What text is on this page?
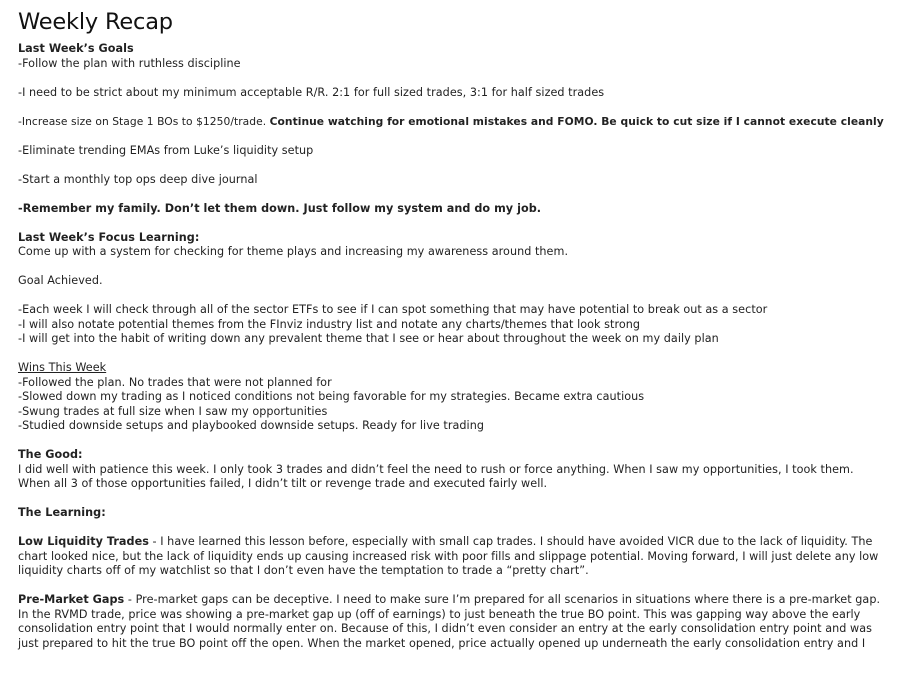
Weekly Recap
Last Week’s Goals
-Follow the plan with ruthless discipline
-I need to be strict about my minimum acceptable R/R. 2:1 for full sized trades, 3:1 for half sized trades
-Increase size on Stage 1 BOs to $1250/trade. Continue watching for emotional mistakes and FOMO. Be quick to cut size if I cannot execute cleanly
-Eliminate trending EMAs from Luke’s liquidity setup
-Start a monthly top ops deep dive journal
-Remember my family. Don’t let them down. Just follow my system and do my job.
Last Week’s Focus Learning:
Come up with a system for checking for theme plays and increasing my awareness around them.
Goal Achieved.
-Each week I will check through all of the sector ETFs to see if I can spot something that may have potential to break out as a sector
-I will also notate potential themes from the FInviz industry list and notate any charts/themes that look strong
-I will get into the habit of writing down any prevalent theme that I see or hear about throughout the week on my daily plan
Wins This Week
-Followed the plan. No trades that were not planned for
-Slowed down my trading as I noticed conditions not being favorable for my strategies. Became extra cautious
-Swung trades at full size when I saw my opportunities
-Studied downside setups and playbooked downside setups. Ready for live trading
The Good:
I did well with patience this week. I only took 3 trades and didn’t feel the need to rush or force anything. When I saw my opportunities, I took them.
When all 3 of those opportunities failed, I didn’t tilt or revenge trade and executed fairly well.
The Learning:
Low Liquidity Trades - I have learned this lesson before, especially with small cap trades. I should have avoided VICR due to the lack of liquidity. The
chart looked nice, but the lack of liquidity ends up causing increased risk with poor fills and slippage potential. Moving forward, I will just delete any low
liquidity charts off of my watchlist so that I don’t even have the temptation to trade a “pretty chart”.
Pre-Market Gaps - Pre-market gaps can be deceptive. I need to make sure I’m prepared for all scenarios in situations where there is a pre-market gap.
In the RVMD trade, price was showing a pre-market gap up (off of earnings) to just beneath the true BO point. This was gapping way above the early
consolidation entry point that I would normally enter on. Because of this, I didn’t even consider an entry at the early consolidation entry point and was
just prepared to hit the true BO point off the open. When the market opened, price actually opened up underneath the early consolidation entry and I
